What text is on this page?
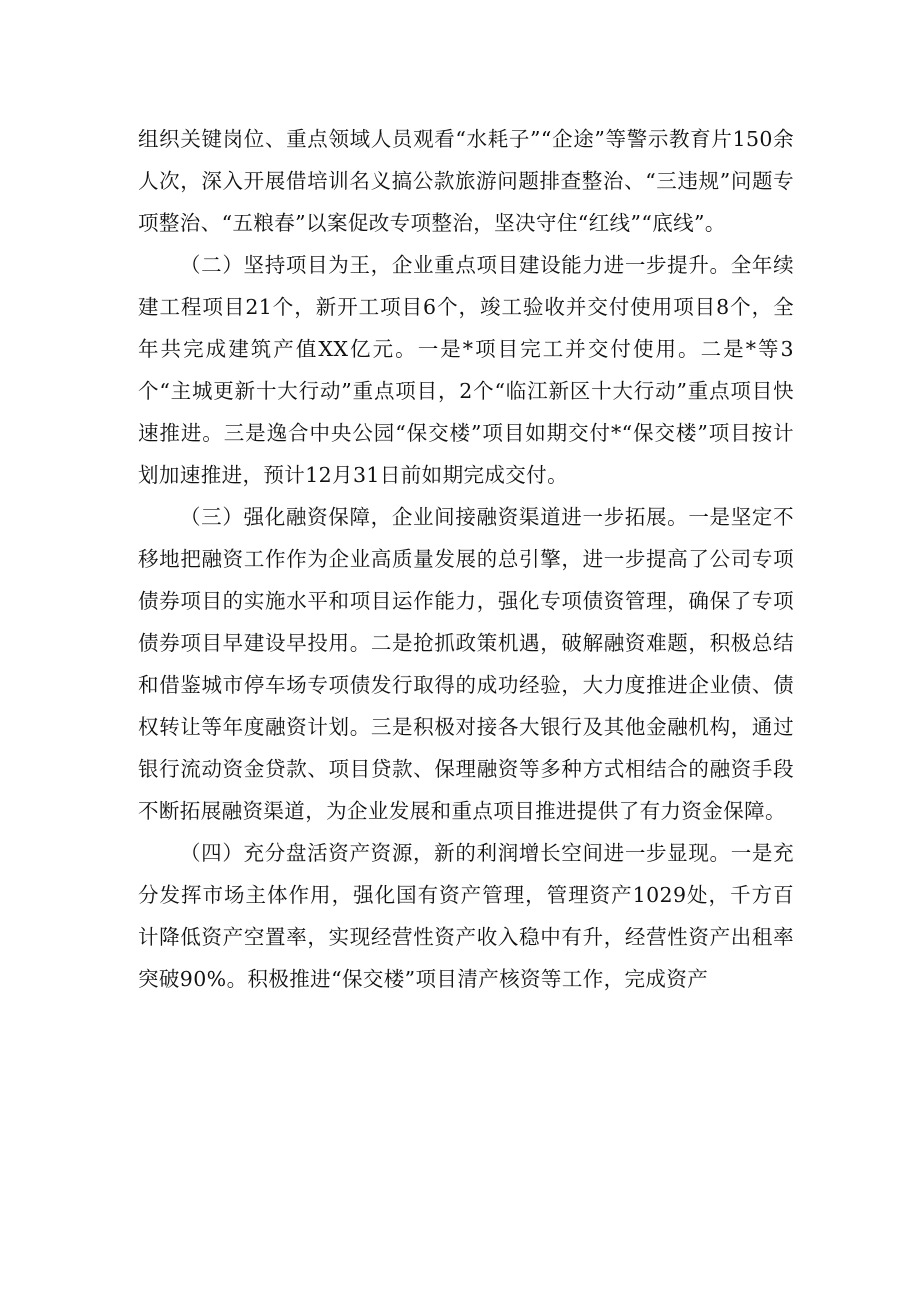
组织关键岗位、重点领域人员观看“水耗子”“企途”等警示教育片150余人次，深入开展借培训名义搞公款旅游问题排查整治、“三违规”问题专项整治、“五粮春”以案促改专项整治，坚决守住“红线”“底线”。

（二）坚持项目为王，企业重点项目建设能力进一步提升。全年续建工程项目21个，新开工项目6个，竣工验收并交付使用项目8个，全年共完成建筑产值XX亿元。一是*项目完工并交付使用。二是*等3个“主城更新十大行动”重点项目，2个“临江新区十大行动”重点项目快速推进。三是逸合中央公园“保交楼”项目如期交付*“保交楼”项目按计划加速推进，预计12月31日前如期完成交付。

（三）强化融资保障，企业间接融资渠道进一步拓展。一是坚定不移地把融资工作作为企业高质量发展的总引擎，进一步提高了公司专项债券项目的实施水平和项目运作能力，强化专项债资管理，确保了专项债券项目早建设早投用。二是抢抓政策机遇，破解融资难题，积极总结和借鉴城市停车场专项债发行取得的成功经验，大力度推进企业债、债权转让等年度融资计划。三是积极对接各大银行及其他金融机构，通过银行流动资金贷款、项目贷款、保理融资等多种方式相结合的融资手段不断拓展融资渠道，为企业发展和重点项目推进提供了有力资金保障。

（四）充分盘活资产资源，新的利润增长空间进一步显现。一是充分发挥市场主体作用，强化国有资产管理，管理资产1029处，千方百计降低资产空置率，实现经营性资产收入稳中有升，经营性资产出租率突破90%。积极推进“保交楼”项目清产核资等工作，完成资产
